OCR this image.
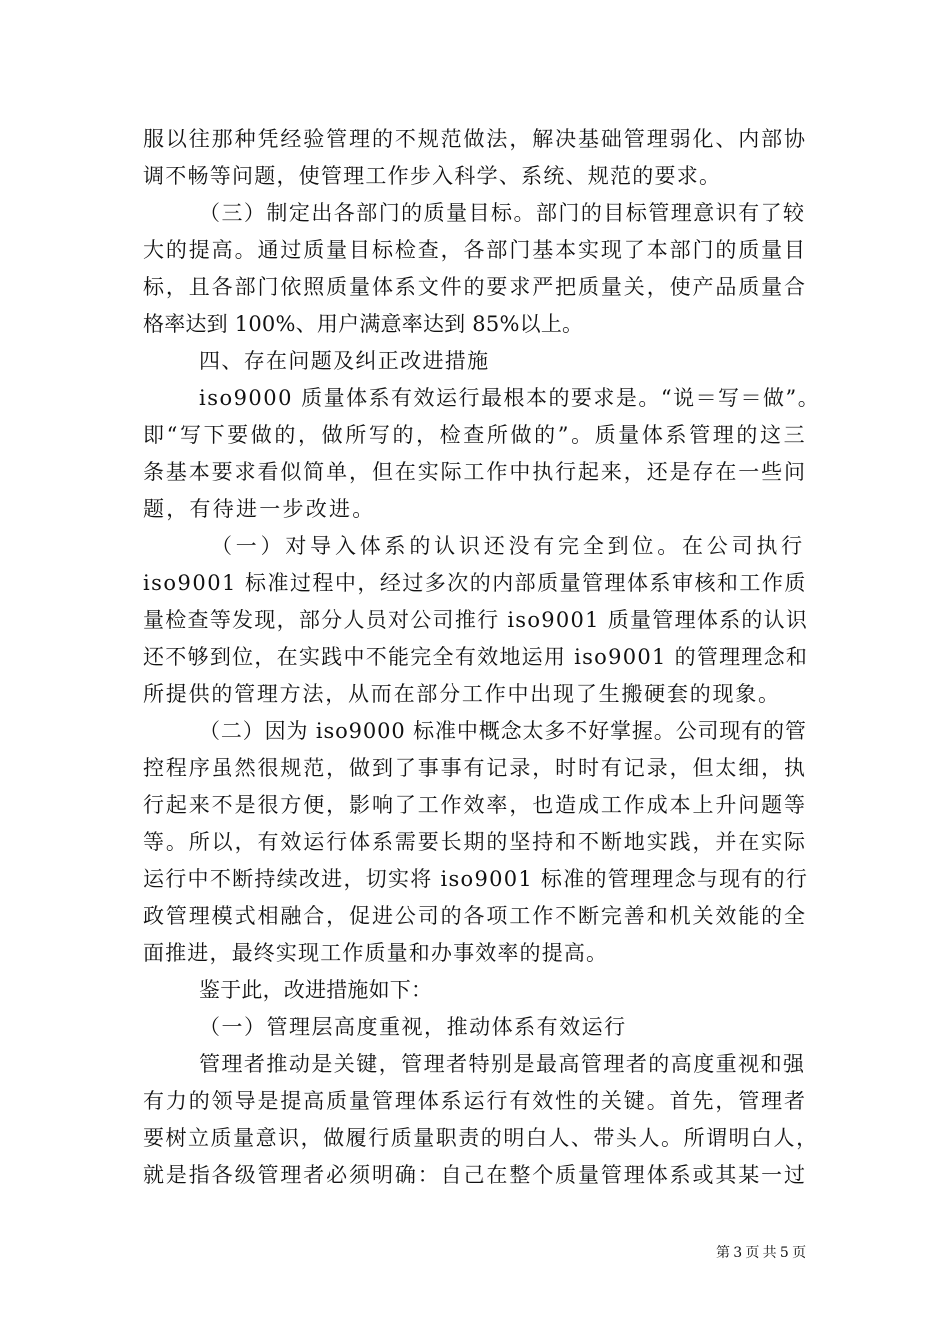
服以往那种凭经验管理的不规范做法，解决基础管理弱化、内部协
调不畅等问题，使管理工作步入科学、系统、规范的要求。
（三）制定出各部门的质量目标。部门的目标管理意识有了较
大的提高。通过质量目标检查，各部门基本实现了本部门的质量目
标，且各部门依照质量体系文件的要求严把质量关，使产品质量合
格率达到 100%、用户满意率达到 85%以上。
四、存在问题及纠正改进措施
iso9000 质量体系有效运行最根本的要求是。“说＝写＝做”。
即“写下要做的，做所写的，检查所做的”。质量体系管理的这三
条基本要求看似简单，但在实际工作中执行起来，还是存在一些问
题，有待进一步改进。
（一）对导入体系的认识还没有完全到位。在公司执行
iso9001 标准过程中，经过多次的内部质量管理体系审核和工作质
量检查等发现，部分人员对公司推行 iso9001 质量管理体系的认识
还不够到位，在实践中不能完全有效地运用 iso9001 的管理理念和
所提供的管理方法，从而在部分工作中出现了生搬硬套的现象。
（二）因为 iso9000 标准中概念太多不好掌握。公司现有的管
控程序虽然很规范，做到了事事有记录，时时有记录，但太细，执
行起来不是很方便，影响了工作效率，也造成工作成本上升问题等
等。所以，有效运行体系需要长期的坚持和不断地实践，并在实际
运行中不断持续改进，切实将 iso9001 标准的管理理念与现有的行
政管理模式相融合，促进公司的各项工作不断完善和机关效能的全
面推进，最终实现工作质量和办事效率的提高。
鉴于此，改进措施如下：
（一）管理层高度重视，推动体系有效运行
管理者推动是关键，管理者特别是最高管理者的高度重视和强
有力的领导是提高质量管理体系运行有效性的关键。首先，管理者
要树立质量意识，做履行质量职责的明白人、带头人。所谓明白人，
就是指各级管理者必须明确：自己在整个质量管理体系或其某一过
第 3 页 共 5 页
